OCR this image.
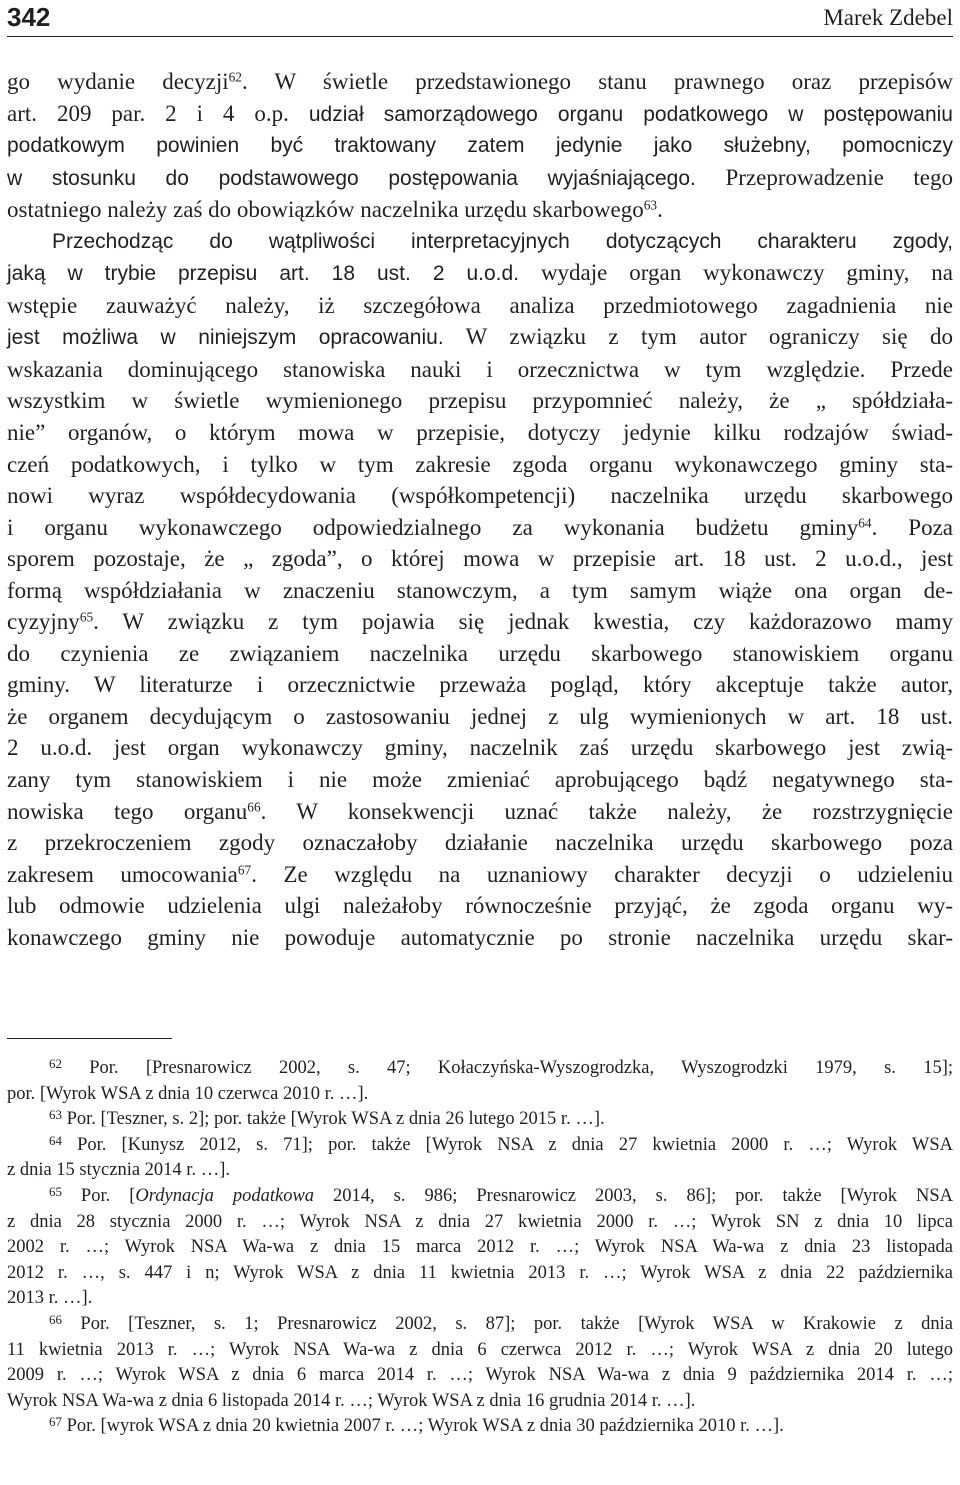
342	Marek Zdebel
go wydanie decyzji$^{62}$. W świetle przedstawionego stanu prawnego oraz przepisów
art. 209 par. 2 i 4 o.p. udział samorządowego organu podatkowego w postępowaniu
podatkowym powinien być traktowany zatem jedynie jako służebny, pomocniczy
w stosunku do podstawowego postępowania wyjaśniającego. Przeprowadzenie tego
ostatniego należy zaś do obowiązków naczelnika urzędu skarbowego$^{63}$.
Przechodząc do wątpliwości interpretacyjnych dotyczących charakteru zgody,
jaką w trybie przepisu art. 18 ust. 2 u.o.d. wydaje organ wykonawczy gminy, na
wstępie zauważyć należy, iż szczegółowa analiza przedmiotowego zagadnienia nie
jest możliwa w niniejszym opracowaniu. W związku z tym autor ograniczy się do
wskazania dominującego stanowiska nauki i orzecznictwa w tym względzie. Przede
wszystkim w świetle wymienionego przepisu przypomnieć należy, że „ spółdziała-
nie” organów, o którym mowa w przepisie, dotyczy jedynie kilku rodzajów świad-
czeń podatkowych, i tylko w tym zakresie zgoda organu wykonawczego gminy sta-
nowi wyraz współdecydowania (współkompetencji) naczelnika urzędu skarbowego
i organu wykonawczego odpowiedzialnego za wykonania budżetu gminy$^{64}$. Poza
sporem pozostaje, że „ zgoda”, o której mowa w przepisie art. 18 ust. 2 u.o.d., jest
formą współdziałania w znaczeniu stanowczym, a tym samym wiąże ona organ de-
cyzyjny$^{65}$. W związku z tym pojawia się jednak kwestia, czy każdorazowo mamy
do czynienia ze związaniem naczelnika urzędu skarbowego stanowiskiem organu
gminy. W literaturze i orzecznictwie przeważa pogląd, który akceptuje także autor,
że organem decydującym o zastosowaniu jednej z ulg wymienionych w art. 18 ust.
2 u.o.d. jest organ wykonawczy gminy, naczelnik zaś urzędu skarbowego jest zwią-
zany tym stanowiskiem i nie może zmieniać aprobującego bądź negatywnego sta-
nowiska tego organu$^{66}$. W konsekwencji uznać także należy, że rozstrzygnięcie
z przekroczeniem zgody oznaczałoby działanie naczelnika urzędu skarbowego poza
zakresem umocowania$^{67}$. Ze względu na uznaniowy charakter decyzji o udzieleniu
lub odmowie udzielenia ulgi należałoby równocześnie przyjąć, że zgoda organu wy-
konawczego gminy nie powoduje automatycznie po stronie naczelnika urzędu skar-
$^{62}$ Por. [Presnarowicz 2002, s. 47; Kołaczyńska-Wyszogrodzka, Wyszogrodzki 1979, s. 15];
por. [Wyrok WSA z dnia 10 czerwca 2010 r. …].
$^{63}$ Por. [Teszner, s. 2]; por. także [Wyrok WSA z dnia 26 lutego 2015 r. …].
$^{64}$ Por. [Kunysz 2012, s. 71]; por. także [Wyrok NSA z dnia 27 kwietnia 2000 r. …; Wyrok WSA
z dnia 15 stycznia 2014 r. …].
$^{65}$ Por. [Ordynacja podatkowa 2014, s. 986; Presnarowicz 2003, s. 86]; por. także [Wyrok NSA
z dnia 28 stycznia 2000 r. …; Wyrok NSA z dnia 27 kwietnia 2000 r. …; Wyrok SN z dnia 10 lipca
2002 r. …; Wyrok NSA Wa-wa z dnia 15 marca 2012 r. …; Wyrok NSA Wa-wa z dnia 23 listopada
2012 r. …, s. 447 i n; Wyrok WSA z dnia 11 kwietnia 2013 r. …; Wyrok WSA z dnia 22 października
2013 r. …].
$^{66}$ Por. [Teszner, s. 1; Presnarowicz 2002, s. 87]; por. także [Wyrok WSA w Krakowie z dnia
11 kwietnia 2013 r. …; Wyrok NSA Wa-wa z dnia 6 czerwca 2012 r. …; Wyrok WSA z dnia 20 lutego
2009 r. …; Wyrok WSA z dnia 6 marca 2014 r. …; Wyrok NSA Wa-wa z dnia 9 października 2014 r. …;
Wyrok NSA Wa-wa z dnia 6 listopada 2014 r. …; Wyrok WSA z dnia 16 grudnia 2014 r. …].
$^{67}$ Por. [wyrok WSA z dnia 20 kwietnia 2007 r. …; Wyrok WSA z dnia 30 października 2010 r. …].
